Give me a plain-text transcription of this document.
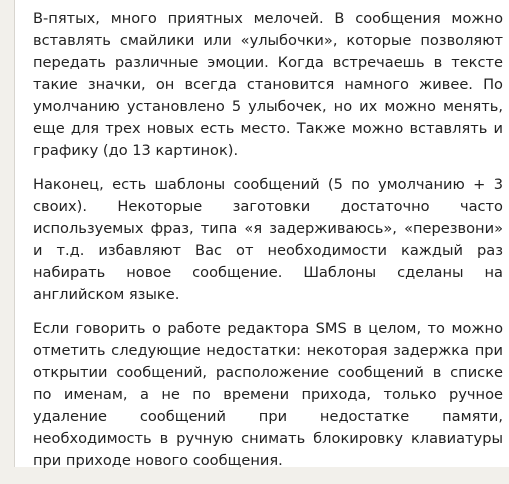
В-пятых, много приятных мелочей. В сообщения можно вставлять смайлики или «улыбочки», которые позволяют передать различные эмоции. Когда встречаешь в тексте такие значки, он всегда становится намного живее. По умолчанию установлено 5 улыбочек, но их можно менять, еще для трех новых есть место. Также можно вставлять и графику (до 13 картинок).

Наконец, есть шаблоны сообщений (5 по умолчанию + 3 своих). Некоторые заготовки достаточно часто используемых фраз, типа «я задерживаюсь», «перезвони» и т.д. избавляют Вас от необходимости каждый раз набирать новое сообщение. Шаблоны сделаны на английском языке.

Если говорить о работе редактора SMS в целом, то можно отметить следующие недостатки: некоторая задержка при открытии сообщений, расположение сообщений в списке по именам, а не по времени прихода, только ручное удаление сообщений при недостатке памяти, необходимость в ручную снимать блокировку клавиатуры при приходе нового сообщения.
